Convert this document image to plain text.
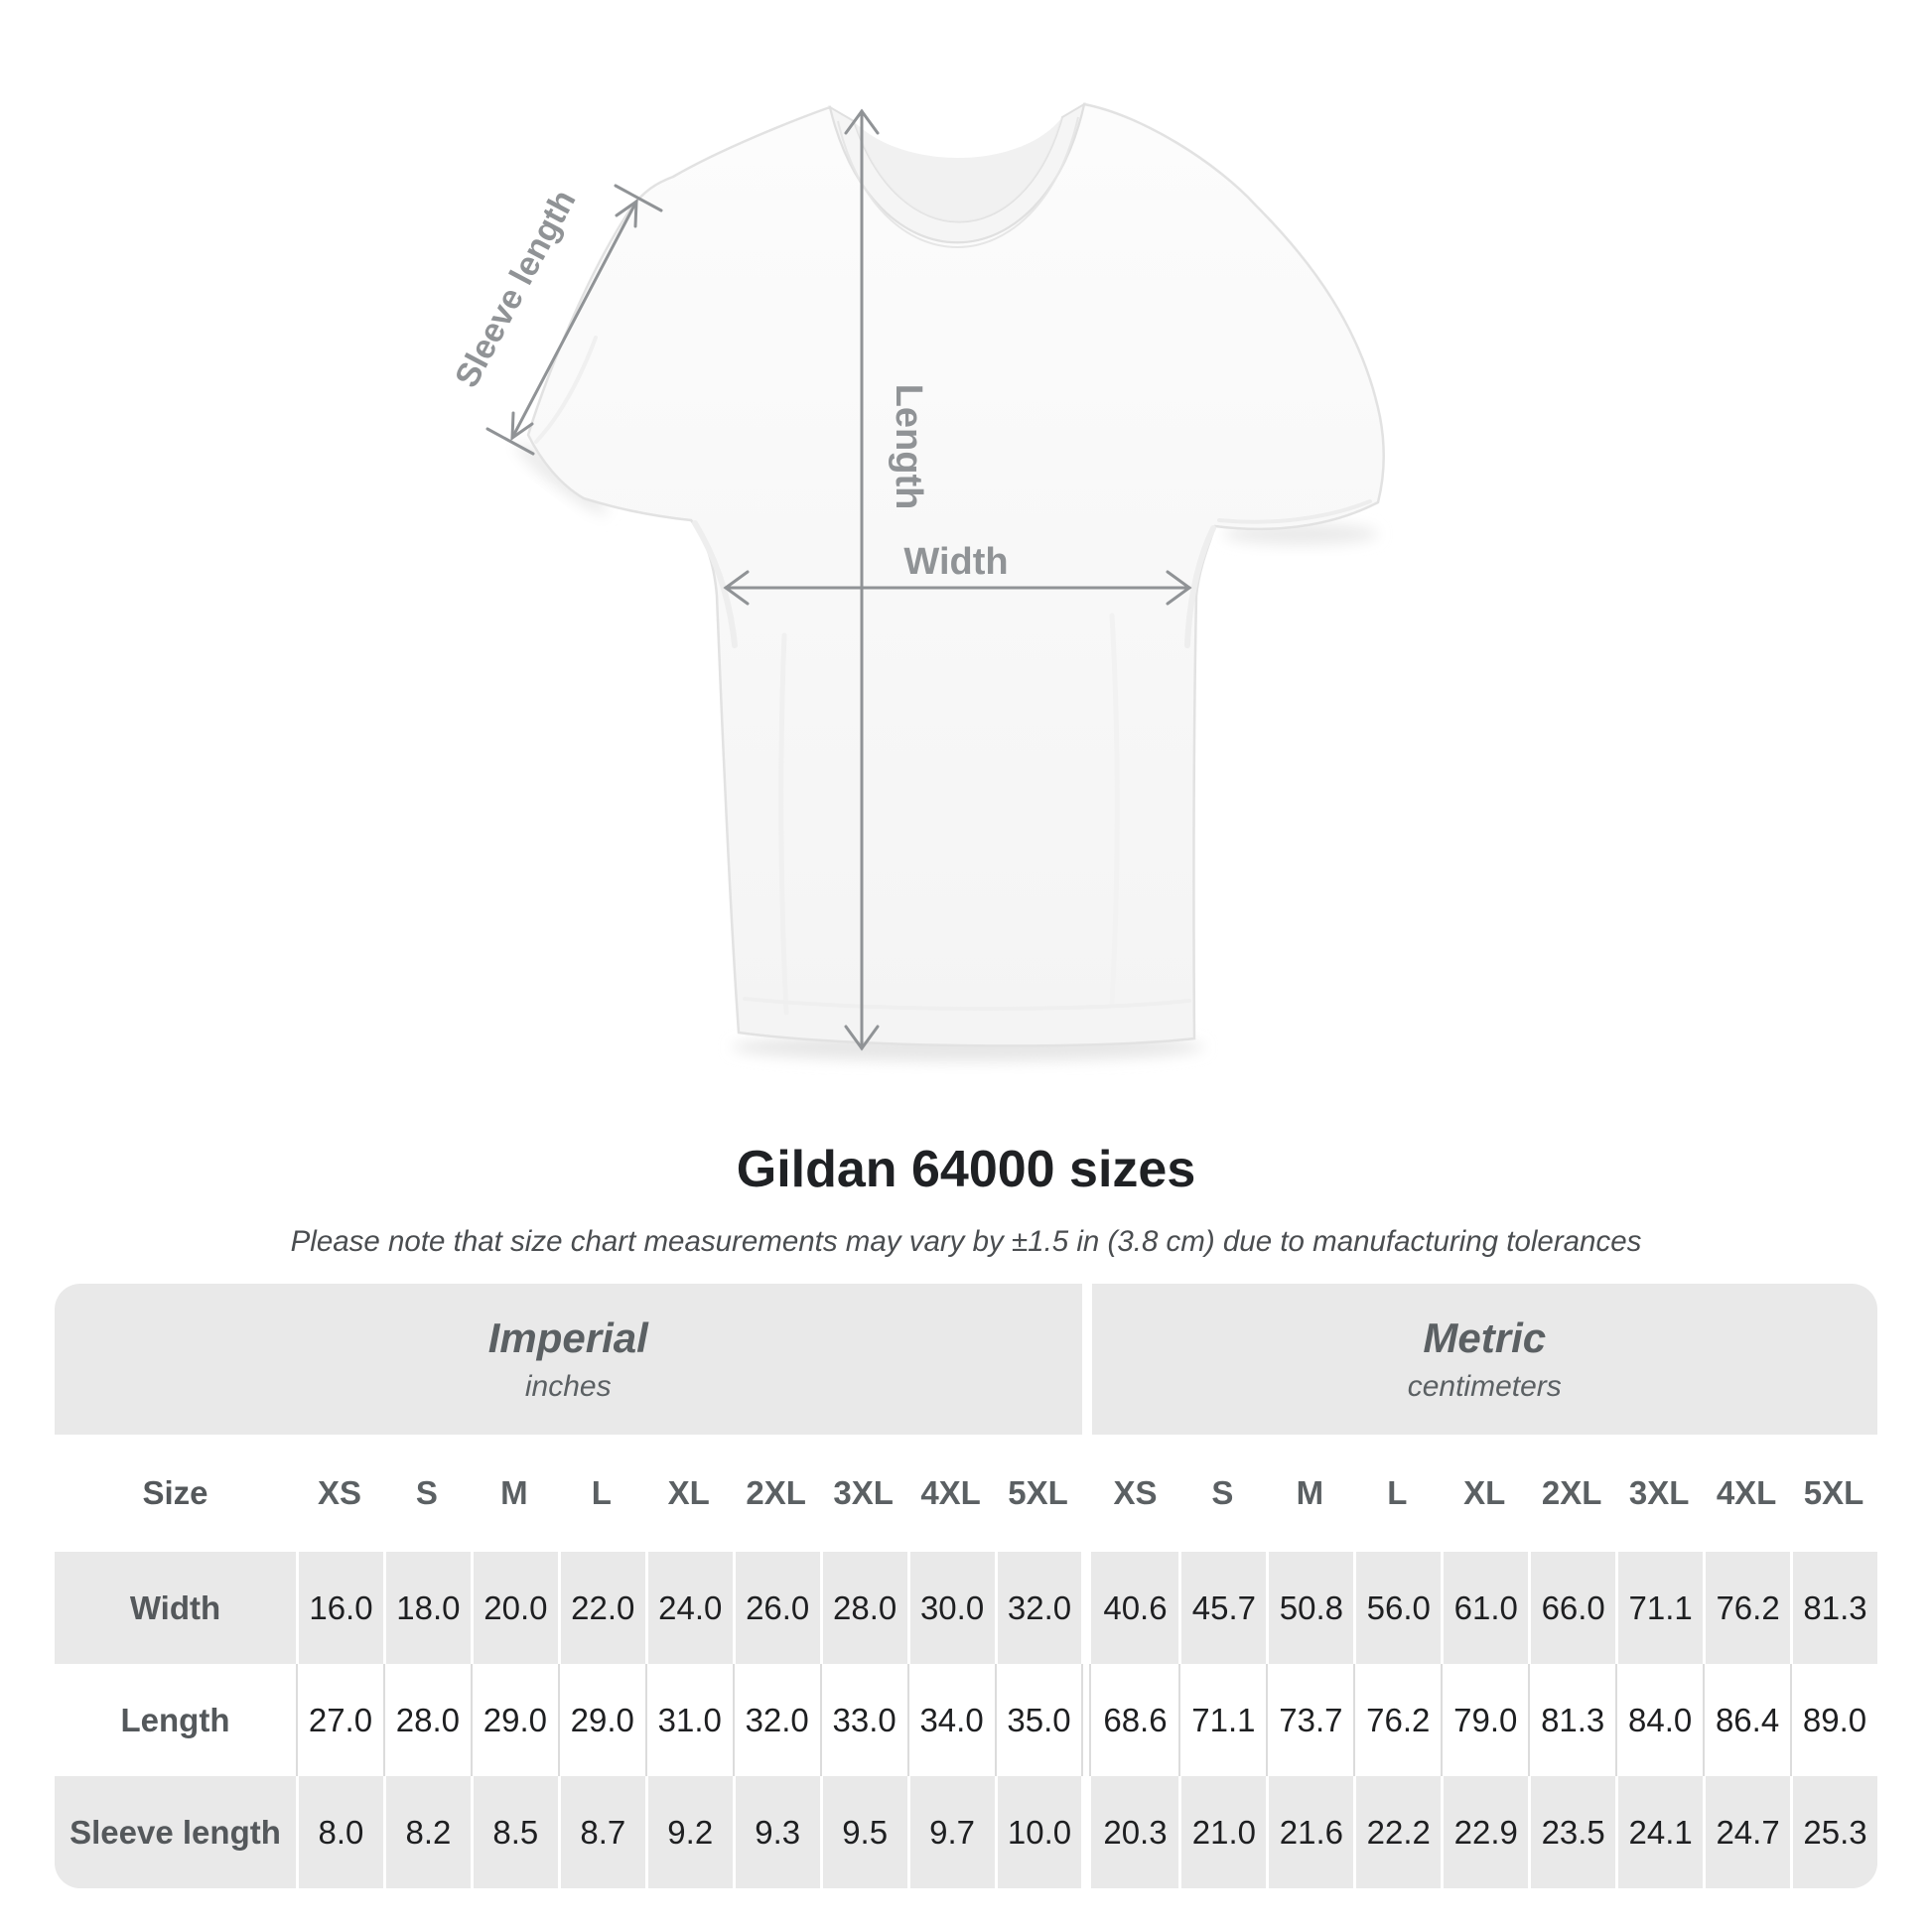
Sleeve length
Length
Width
Gildan 64000 sizes
Please note that size chart measurements may vary by ±1.5 in (3.8 cm) due to manufacturing tolerances
Imperial
inches
Metric
centimeters
Size	XS	S	M	L	XL	2XL 3XL 4XL 5XL	XS	S	M	L	XL	2XL 3XL 4XL 5XL
Width	16.0 18.0 20.0 22.0 24.0 26.0 28.0 30.0 32.0 40.6 45.7 50.8 56.0 61.0 66.0 71.1 76.2 81.3
Length	27.0 28.0 29.0 29.0 31.0 32.0 33.0 34.0 35.0 68.6 71.1 73.7 76.2 79.0 81.3 84.0 86.4 89.0
Sleeve length	8.0	8.2	8.5	8.7	9.2	9.3	9.5	9.7 10.0 20.3 21.0 21.6 22.2 22.9 23.5 24.1 24.7 25.3
